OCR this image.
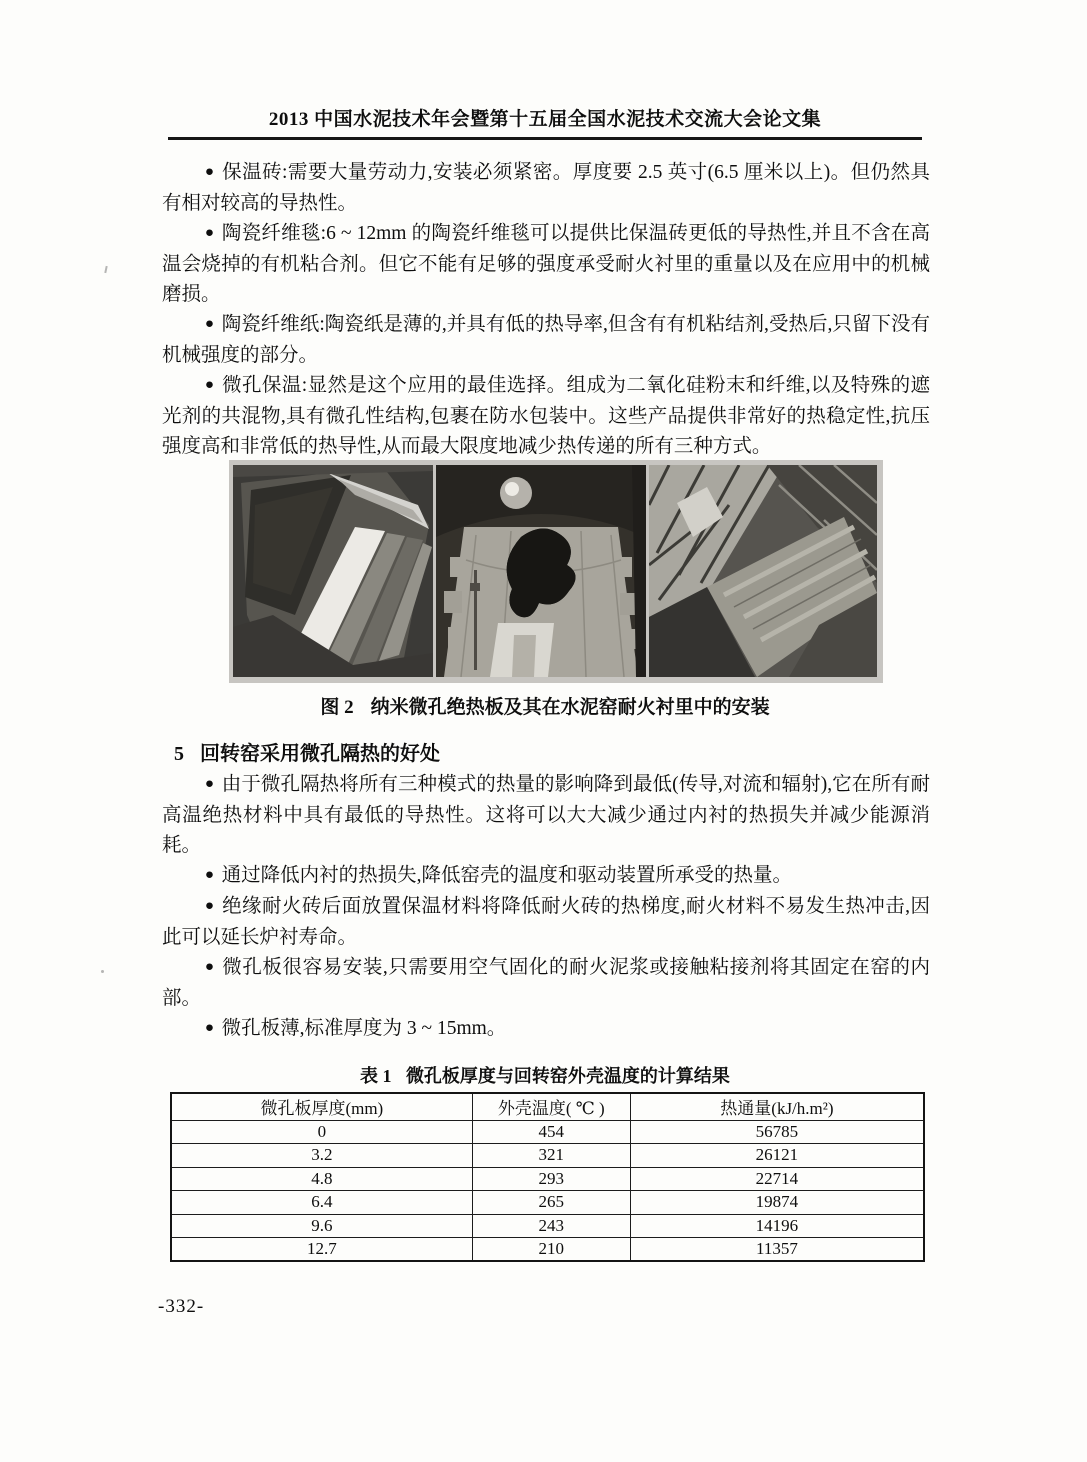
2013 中国水泥技术年会暨第十五届全国水泥技术交流大会论文集

● 保温砖:需要大量劳动力,安装必须紧密。厚度要 2.5 英寸(6.5 厘米以上)。但仍然具有相对较高的导热性。

● 陶瓷纤维毯:6 ~ 12mm 的陶瓷纤维毯可以提供比保温砖更低的导热性,并且不含在高温会烧掉的有机粘合剂。但它不能有足够的强度承受耐火衬里的重量以及在应用中的机械磨损。

● 陶瓷纤维纸:陶瓷纸是薄的,并具有低的热导率,但含有有机粘结剂,受热后,只留下没有机械强度的部分。

● 微孔保温:显然是这个应用的最佳选择。组成为二氧化硅粉末和纤维,以及特殊的遮光剂的共混物,具有微孔性结构,包裹在防水包装中。这些产品提供非常好的热稳定性,抗压强度高和非常低的热导性,从而最大限度地减少热传递的所有三种方式。

图 2 纳米微孔绝热板及其在水泥窑耐火衬里中的安装
5 回转窑采用微孔隔热的好处

● 由于微孔隔热将所有三种模式的热量的影响降到最低(传导,对流和辐射),它在所有耐高温绝热材料中具有最低的导热性。这将可以大大减少通过内衬的热损失并减少能源消耗。

● 通过降低内衬的热损失,降低窑壳的温度和驱动装置所承受的热量。

● 绝缘耐火砖后面放置保温材料将降低耐火砖的热梯度,耐火材料不易发生热冲击,因此可以延长炉衬寿命。

● 微孔板很容易安装,只需要用空气固化的耐火泥浆或接触粘接剂将其固定在窑的内部。

● 微孔板薄,标准厚度为 3 ~ 15mm。

表 1 微孔板厚度与回转窑外壳温度的计算结果
微孔板厚度(mm)	外壳温度( ℃ )	热通量(kJ/h.m²)
0	454	56785
3.2	321	26121
4.8	293	22714
6.4	265	19874
9.6	243	14196
12.7	210	11357
-332-
